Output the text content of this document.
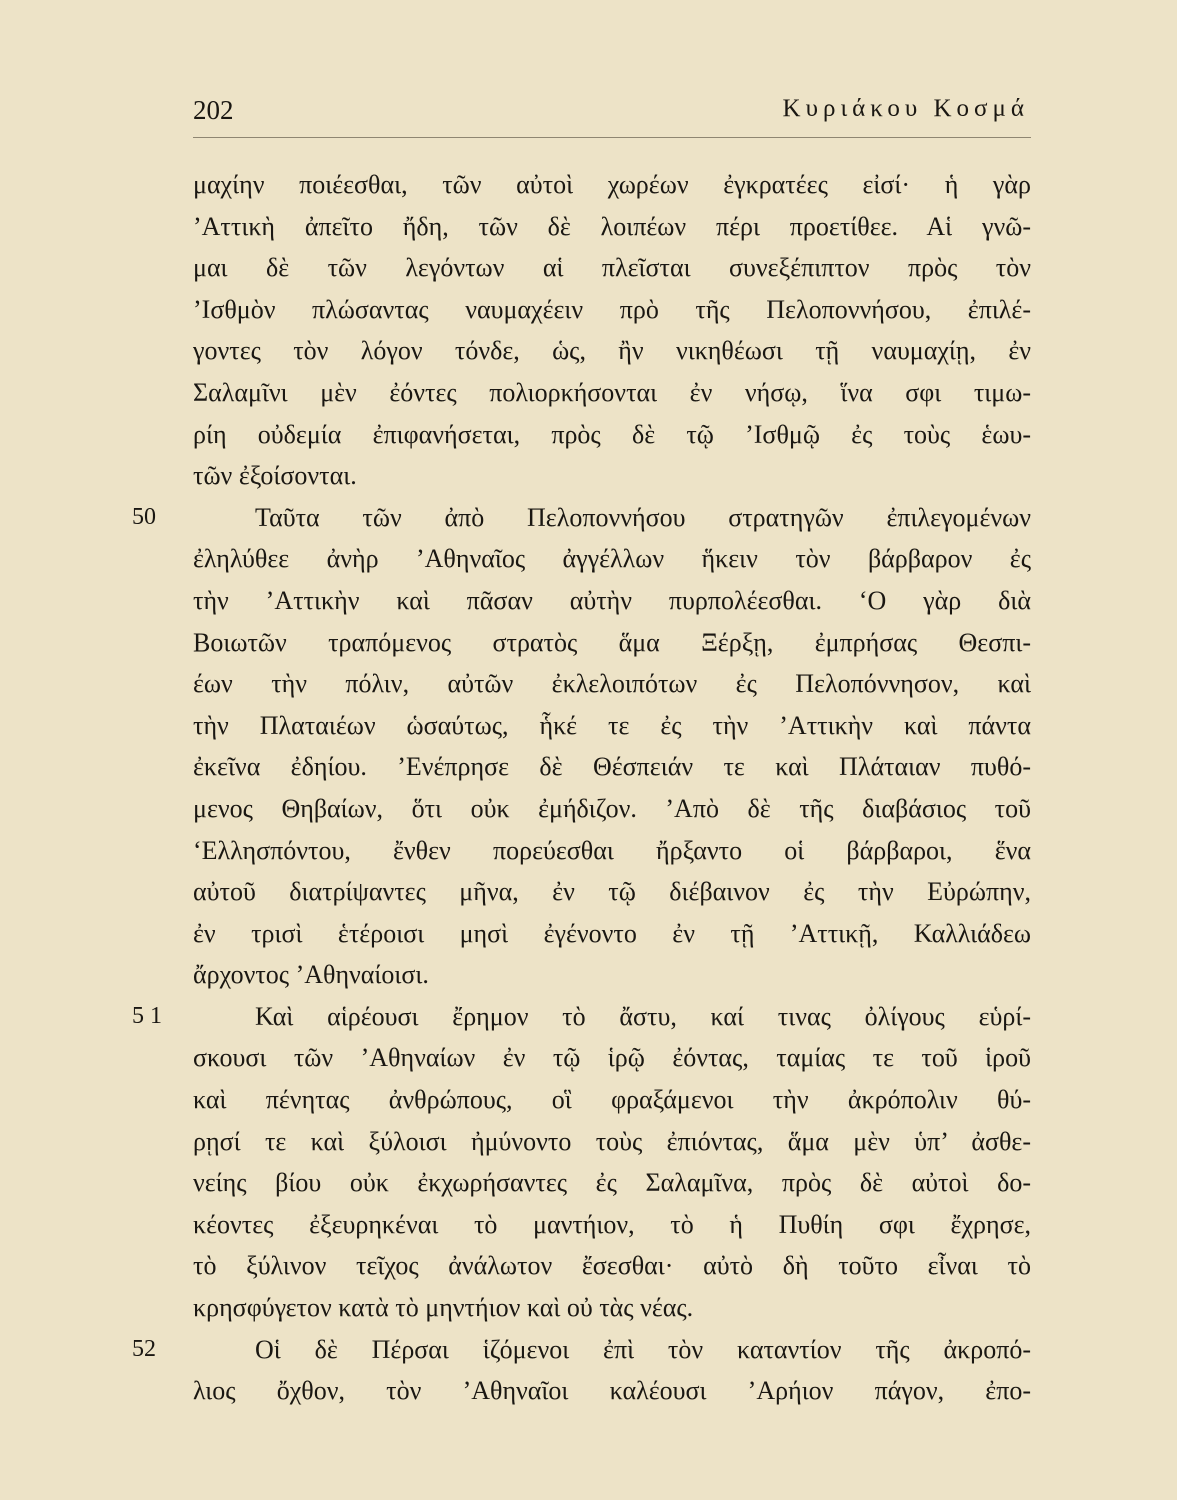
202	Κυριάκου Κοσμά
μαχίην ποιέεσθαι, τῶν αὐτοὶ χωρέων ἐγκρατέες εἰσί· ἡ γὰρ
’Αττικὴ ἀπεῖτο ἤδη, τῶν δὲ λοιπέων πέρι προετίθεε. Αἱ γνῶ-
μαι δὲ τῶν λεγόντων αἱ πλεῖσται συνεξέπιπτον πρὸς τὸν
’Ισθμὸν πλώσαντας ναυμαχέειν πρὸ τῆς Πελοποννήσου, ἐπιλέ-
γοντες τὸν λόγον τόνδε, ὡς, ἢν νικηθέωσι τῇ ναυμαχίῃ, ἐν
Σαλαμῖνι μὲν ἐόντες πολιορκήσονται ἐν νήσῳ, ἵνα σφι τιμω-
ρίη οὐδεμία ἐπιφανήσεται, πρὸς δὲ τῷ ’Ισθμῷ ἐς τοὺς ἑωυ-
τῶν ἐξοίσονται.
50	Ταῦτα τῶν ἀπὸ Πελοποννήσου στρατηγῶν ἐπιλεγομένων
ἐληλύθεε ἀνὴρ ’Αθηναῖος ἀγγέλλων ἥκειν τὸν βάρβαρον ἐς
τὴν ’Αττικὴν καὶ πᾶσαν αὐτὴν πυρπολέεσθαι. ‘Ο γὰρ διὰ
Βοιωτῶν τραπόμενος στρατὸς ἅμα Ξέρξῃ, ἐμπρήσας Θεσπι-
έων τὴν πόλιν, αὐτῶν ἐκλελοιπότων ἐς Πελοπόννησον, καὶ
τὴν Πλαταιέων ὡσαύτως, ἧκέ τε ἐς τὴν ’Αττικὴν καὶ πάντα
ἐκεῖνα ἐδηίου. ’Ενέπρησε δὲ Θέσπειάν τε καὶ Πλάταιαν πυθό-
μενος Θηβαίων, ὅτι οὐκ ἐμήδιζον. ’Απὸ δὲ τῆς διαβάσιος τοῦ
‘Ελλησπόντου, ἔνθεν πορεύεσθαι ἤρξαντο οἱ βάρβαροι, ἕνα
αὐτοῦ διατρίψαντες μῆνα, ἐν τῷ διέβαινον ἐς τὴν Εὐρώπην,
ἐν τρισὶ ἑτέροισι μησὶ ἐγένοντο ἐν τῇ ’Αττικῇ, Καλλιάδεω
ἄρχοντος ’Αθηναίοισι.
5 1	Καὶ αἱρέουσι ἔρημον τὸ ἄστυ, καί τινας ὀλίγους εὑρί-
σκουσι τῶν ’Αθηναίων ἐν τῷ ἱρῷ ἐόντας, ταμίας τε τοῦ ἱροῦ
καὶ πένητας ἀνθρώπους, οἳ φραξάμενοι τὴν ἀκρόπολιν θύ-
ρῃσί τε καὶ ξύλοισι ἠμύνοντο τοὺς ἐπιόντας, ἅμα μὲν ὑπ’ ἀσθε-
νείης βίου οὐκ ἐκχωρήσαντες ἐς Σαλαμῖνα, πρὸς δὲ αὐτοὶ δο-
κέοντες ἐξευρηκέναι τὸ μαντήιον, τὸ ἡ Πυθίη σφι ἔχρησε,
τὸ ξύλινον τεῖχος ἀνάλωτον ἔσεσθαι· αὐτὸ δὴ τοῦτο εἶναι τὸ
κρησφύγετον κατὰ τὸ μηντήιον καὶ οὐ τὰς νέας.
52	Οἱ δὲ Πέρσαι ἱζόμενοι ἐπὶ τὸν καταντίον τῆς ἀκροπό-
λιος ὄχθον, τὸν ’Αθηναῖοι καλέουσι ’Αρήιον πάγον, ἐπο-
